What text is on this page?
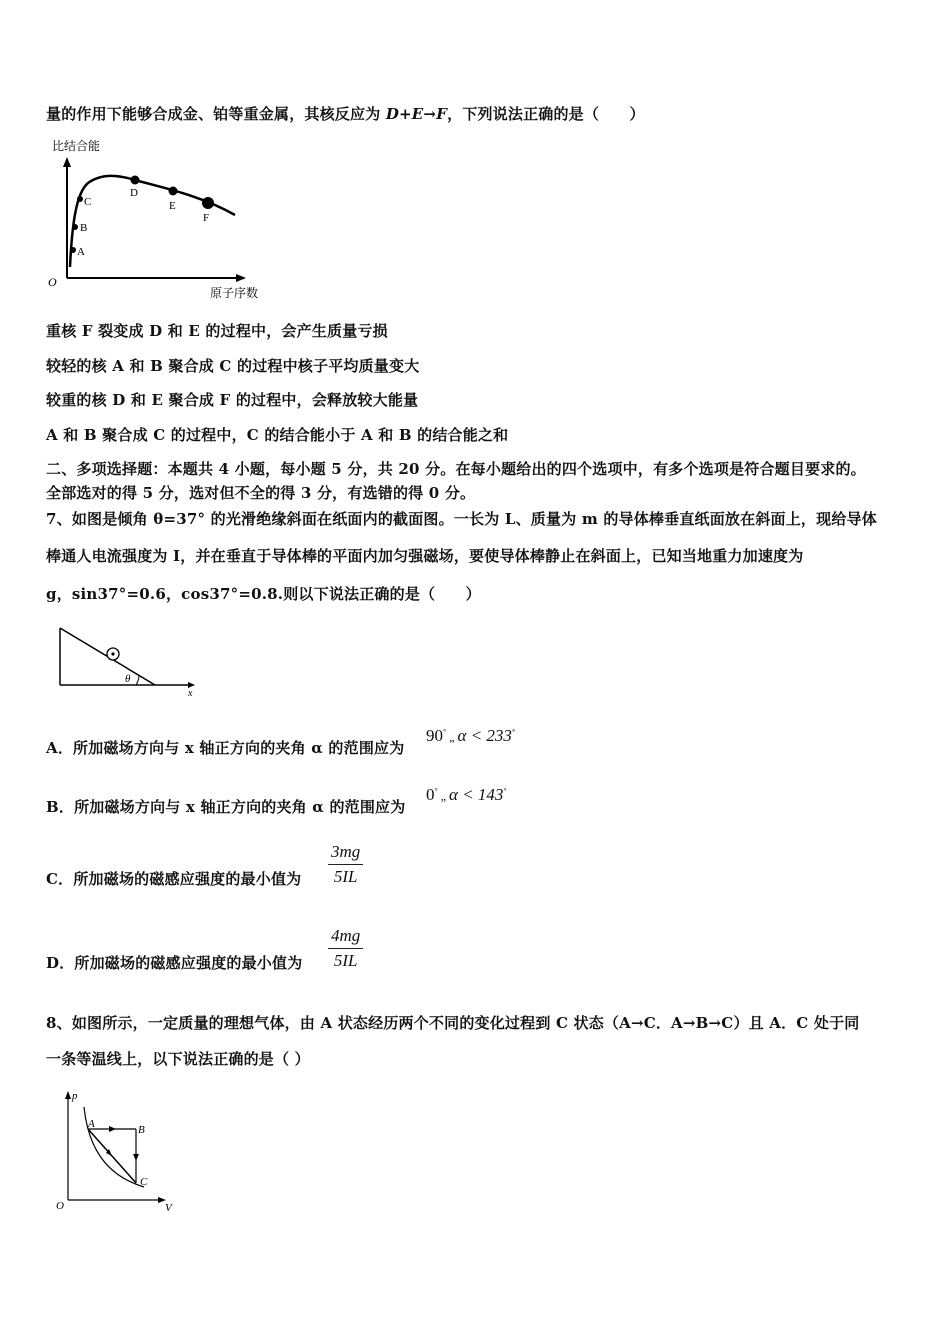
量的作用下能够合成金、铂等重金属，其核反应为 D+E→F，下列说法正确的是（　　）
比结合能
O
原子序数
A
B
C
D
E
F
重核 F 裂变成 D 和 E 的过程中，会产生质量亏损
较轻的核 A 和 B 聚合成 C 的过程中核子平均质量变大
较重的核 D 和 E 聚合成 F 的过程中，会释放较大能量
A 和 B 聚合成 C 的过程中，C 的结合能小于 A 和 B 的结合能之和
二、多项选择题：本题共 4 小题，每小题 5 分，共 20 分。在每小题给出的四个选项中，有多个选项是符合题目要求的。
全部选对的得 5 分，选对但不全的得 3 分，有选错的得 0 分。
7、如图是倾角 θ=37° 的光滑绝缘斜面在纸面内的截面图。一长为 L、质量为 m 的导体棒垂直纸面放在斜面上，现给导体
棒通人电流强度为 I，并在垂直于导体棒的平面内加匀强磁场，要使导体棒静止在斜面上，已知当地重力加速度为
g，sin37°=0.6，cos37°=0.8.则以下说法正确的是（　　）
x
θ
A．所加磁场方向与 x 轴正方向的夹角 α 的范围应为
90° „ α < 233°
B．所加磁场方向与 x 轴正方向的夹角 α 的范围应为
0° „ α < 143°
C．所加磁场的磁感应强度的最小值为 $\frac{3mg}{5IL}$
D．所加磁场的磁感应强度的最小值为 $\frac{4mg}{5IL}$
8、如图所示，一定质量的理想气体，由 A 状态经历两个不同的变化过程到 C 状态（A→C．A→B→C）且 A．C 处于同
一条等温线上，以下说法正确的是（ ）
p
V
O
A	B
C
